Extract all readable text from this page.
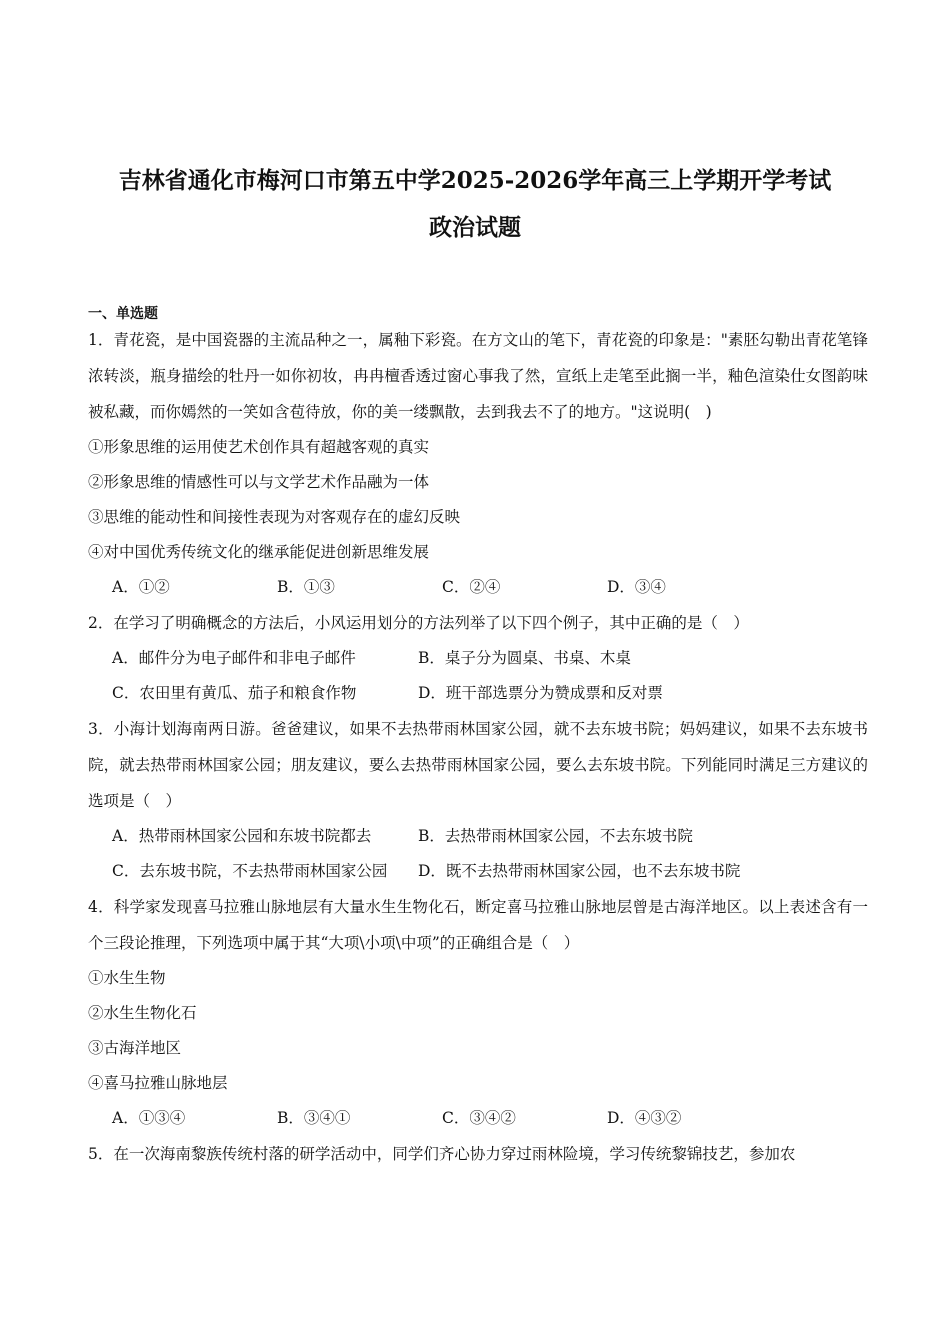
吉林省通化市梅河口市第五中学2025-2026学年高三上学期开学考试
政治试题
一、单选题

1．青花瓷，是中国瓷器的主流品种之一，属釉下彩瓷。在方文山的笔下，青花瓷的印象是："素胚勾勒出青花笔锋浓转淡，瓶身描绘的牡丹一如你初妆，冉冉檀香透过窗心事我了然，宣纸上走笔至此搁一半，釉色渲染仕女图韵味被私藏，而你嫣然的一笑如含苞待放，你的美一缕飘散，去到我去不了的地方。"这说明(　)

①形象思维的运用使艺术创作具有超越客观的真实
②形象思维的情感性可以与文学艺术作品融为一体
③思维的能动性和间接性表现为对客观存在的虚幻反映
④对中国优秀传统文化的继承能促进创新思维发展
A．①②	B．①③	C．②④	D．③④

2．在学习了明确概念的方法后，小风运用划分的方法列举了以下四个例子，其中正确的是（　）

A．邮件分为电子邮件和非电子邮件	B．桌子分为圆桌、书桌、木桌
C．农田里有黄瓜、茄子和粮食作物	D．班干部选票分为赞成票和反对票

3．小海计划海南两日游。爸爸建议，如果不去热带雨林国家公园，就不去东坡书院；妈妈建议，如果不去东坡书院，就去热带雨林国家公园；朋友建议，要么去热带雨林国家公园，要么去东坡书院。下列能同时满足三方建议的选项是（　）

A．热带雨林国家公园和东坡书院都去	B．去热带雨林国家公园，不去东坡书院
C．去东坡书院，不去热带雨林国家公园	D．既不去热带雨林国家公园，也不去东坡书院

4．科学家发现喜马拉雅山脉地层有大量水生生物化石，断定喜马拉雅山脉地层曾是古海洋地区。以上表述含有一个三段论推理，下列选项中属于其“大项\小项\中项”的正确组合是（　）

①水生生物
②水生生物化石
③古海洋地区
④喜马拉雅山脉地层
A．①③④	B．③④①	C．③④②	D．④③②

5．在一次海南黎族传统村落的研学活动中，同学们齐心协力穿过雨林险境，学习传统黎锦技艺，参加农
